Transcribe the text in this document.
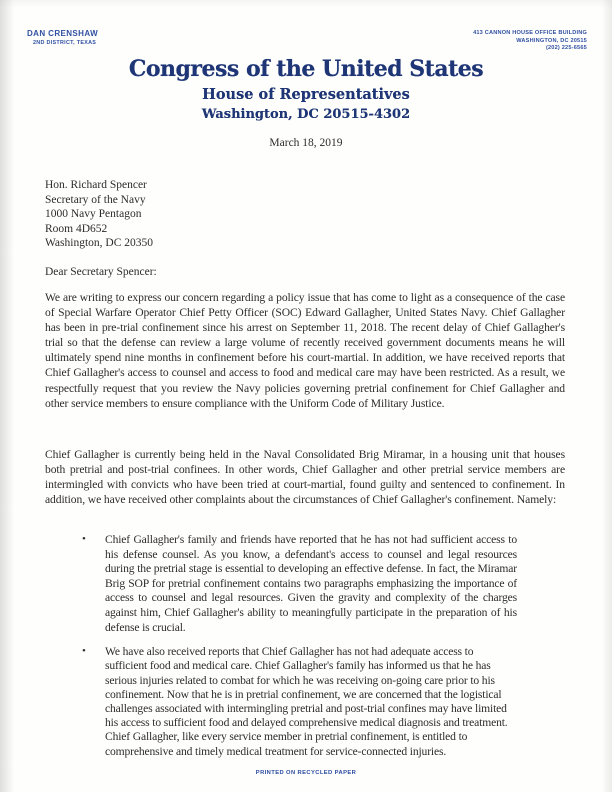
DAN CRENSHAW
2ND DISTRICT, TEXAS
413 CANNON HOUSE OFFICE BUILDING
WASHINGTON, DC 20515
(202) 225-6565
Congress of the United States
House of Representatives
Washington, DC 20515-4302
March 18, 2019
Hon. Richard Spencer
Secretary of the Navy
1000 Navy Pentagon
Room 4D652
Washington, DC 20350
Dear Secretary Spencer:
We are writing to express our concern regarding a policy issue that has come to light as a consequence of the case of Special Warfare Operator Chief Petty Officer (SOC) Edward Gallagher, United States Navy. Chief Gallagher has been in pre-trial confinement since his arrest on September 11, 2018. The recent delay of Chief Gallagher's trial so that the defense can review a large volume of recently received government documents means he will ultimately spend nine months in confinement before his court-martial. In addition, we have received reports that Chief Gallagher's access to counsel and access to food and medical care may have been restricted. As a result, we respectfully request that you review the Navy policies governing pretrial confinement for Chief Gallagher and other service members to ensure compliance with the Uniform Code of Military Justice.
Chief Gallagher is currently being held in the Naval Consolidated Brig Miramar, in a housing unit that houses both pretrial and post-trial confinees. In other words, Chief Gallagher and other pretrial service members are intermingled with convicts who have been tried at court-martial, found guilty and sentenced to confinement. In addition, we have received other complaints about the circumstances of Chief Gallagher's confinement. Namely:
• Chief Gallagher's family and friends have reported that he has not had sufficient access to his defense counsel. As you know, a defendant's access to counsel and legal resources during the pretrial stage is essential to developing an effective defense. In fact, the Miramar Brig SOP for pretrial confinement contains two paragraphs emphasizing the importance of access to counsel and legal resources. Given the gravity and complexity of the charges against him, Chief Gallagher's ability to meaningfully participate in the preparation of his defense is crucial.
• We have also received reports that Chief Gallagher has not had adequate access to sufficient food and medical care. Chief Gallagher's family has informed us that he has serious injuries related to combat for which he was receiving on-going care prior to his confinement. Now that he is in pretrial confinement, we are concerned that the logistical challenges associated with intermingling pretrial and post-trial confines may have limited his access to sufficient food and delayed comprehensive medical diagnosis and treatment. Chief Gallagher, like every service member in pretrial confinement, is entitled to comprehensive and timely medical treatment for service-connected injuries.
PRINTED ON RECYCLED PAPER
